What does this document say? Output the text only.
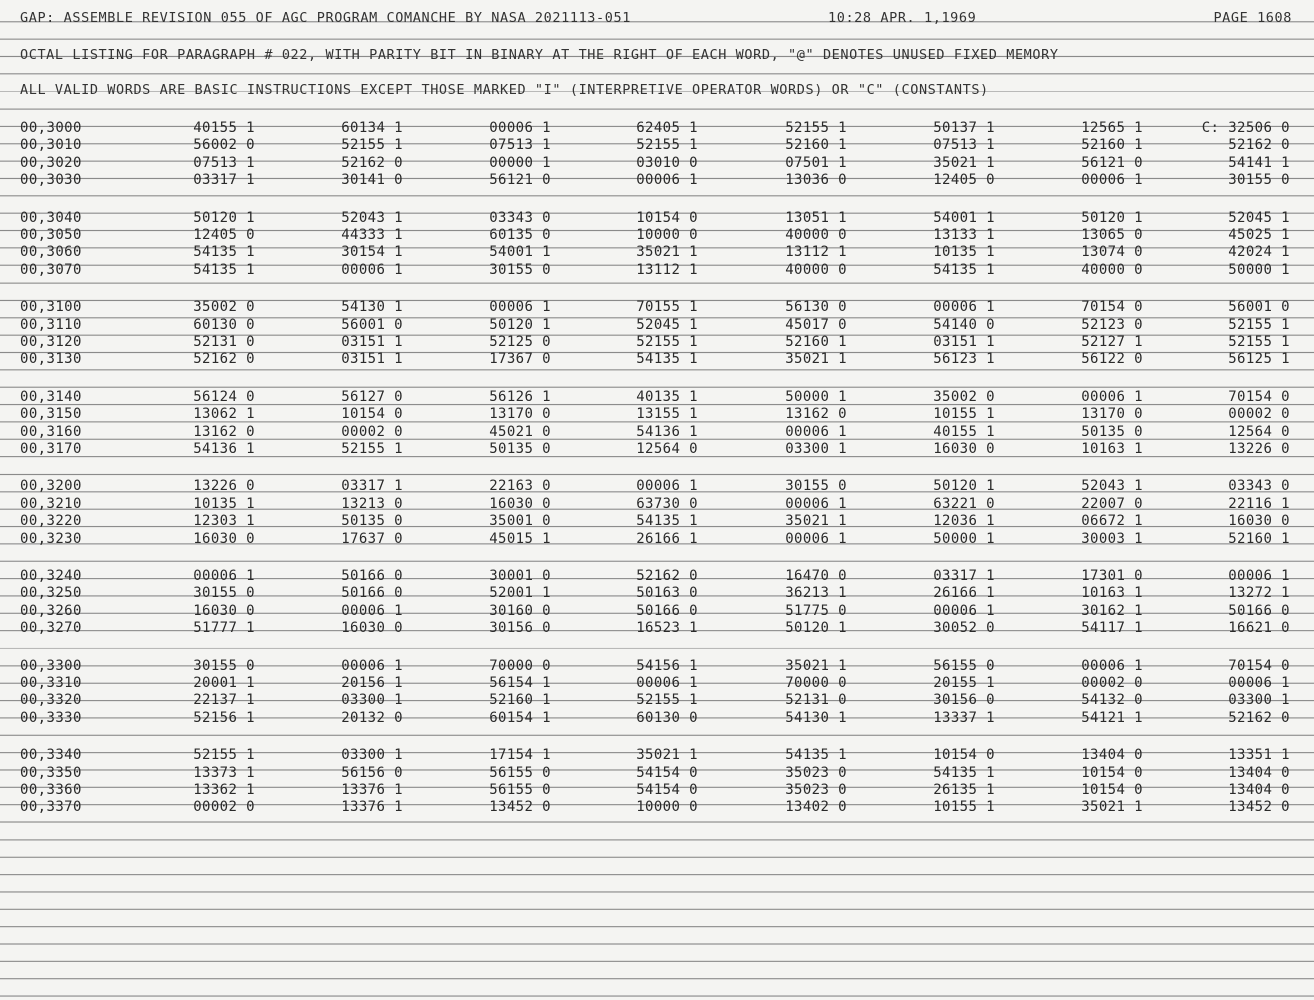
GAP: ASSEMBLE REVISION 055 OF AGC PROGRAM COMANCHE BY NASA 2021113-051	10:28 APR. 1,1969	PAGE 1608
OCTAL LISTING FOR PARAGRAPH # 022, WITH PARITY BIT IN BINARY AT THE RIGHT OF EACH WORD, "@" DENOTES UNUSED FIXED MEMORY
ALL VALID WORDS ARE BASIC INSTRUCTIONS EXCEPT THOSE MARKED "I" (INTERPRETIVE OPERATOR WORDS) OR "C" (CONSTANTS)
00,3000	40155 1	60134 1	00006 1	62405 1	52155 1	50137 1	12565 1	C: 32506 0
00,3010	56002 0	52155 1	07513 1	52155 1	52160 1	07513 1	52160 1	52162 0
00,3020	07513 1	52162 0	00000 1	03010 0	07501 1	35021 1	56121 0	54141 1
00,3030	03317 1	30141 0	56121 0	00006 1	13036 0	12405 0	00006 1	30155 0
00,3040	50120 1	52043 1	03343 0	10154 0	13051 1	54001 1	50120 1	52045 1
00,3050	12405 0	44333 1	60135 0	10000 0	40000 0	13133 1	13065 0	45025 1
00,3060	54135 1	30154 1	54001 1	35021 1	13112 1	10135 1	13074 0	42024 1
00,3070	54135 1	00006 1	30155 0	13112 1	40000 0	54135 1	40000 0	50000 1
00,3100	35002 0	54130 1	00006 1	70155 1	56130 0	00006 1	70154 0	56001 0
00,3110	60130 0	56001 0	50120 1	52045 1	45017 0	54140 0	52123 0	52155 1
00,3120	52131 0	03151 1	52125 0	52155 1	52160 1	03151 1	52127 1	52155 1
00,3130	52162 0	03151 1	17367 0	54135 1	35021 1	56123 1	56122 0	56125 1
00,3140	56124 0	56127 0	56126 1	40135 1	50000 1	35002 0	00006 1	70154 0
00,3150	13062 1	10154 0	13170 0	13155 1	13162 0	10155 1	13170 0	00002 0
00,3160	13162 0	00002 0	45021 0	54136 1	00006 1	40155 1	50135 0	12564 0
00,3170	54136 1	52155 1	50135 0	12564 0	03300 1	16030 0	10163 1	13226 0
00,3200	13226 0	03317 1	22163 0	00006 1	30155 0	50120 1	52043 1	03343 0
00,3210	10135 1	13213 0	16030 0	63730 0	00006 1	63221 0	22007 0	22116 1
00,3220	12303 1	50135 0	35001 0	54135 1	35021 1	12036 1	06672 1	16030 0
00,3230	16030 0	17637 0	45015 1	26166 1	00006 1	50000 1	30003 1	52160 1
00,3240	00006 1	50166 0	30001 0	52162 0	16470 0	03317 1	17301 0	00006 1
00,3250	30155 0	50166 0	52001 1	50163 0	36213 1	26166 1	10163 1	13272 1
00,3260	16030 0	00006 1	30160 0	50166 0	51775 0	00006 1	30162 1	50166 0
00,3270	51777 1	16030 0	30156 0	16523 1	50120 1	30052 0	54117 1	16621 0
00,3300	30155 0	00006 1	70000 0	54156 1	35021 1	56155 0	00006 1	70154 0
00,3310	20001 1	20156 1	56154 1	00006 1	70000 0	20155 1	00002 0	00006 1
00,3320	22137 1	03300 1	52160 1	52155 1	52131 0	30156 0	54132 0	03300 1
00,3330	52156 1	20132 0	60154 1	60130 0	54130 1	13337 1	54121 1	52162 0
00,3340	52155 1	03300 1	17154 1	35021 1	54135 1	10154 0	13404 0	13351 1
00,3350	13373 1	56156 0	56155 0	54154 0	35023 0	54135 1	10154 0	13404 0
00,3360	13362 1	13376 1	56155 0	54154 0	35023 0	26135 1	10154 0	13404 0
00,3370	00002 0	13376 1	13452 0	10000 0	13402 0	10155 1	35021 1	13452 0
